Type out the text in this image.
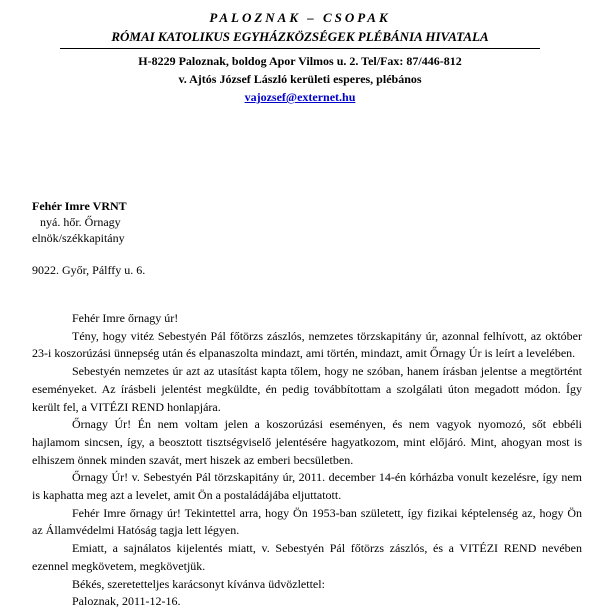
PALOZNAK – CSOPAK
RÓMAI KATOLIKUS EGYHÁZKÖZSÉGEK PLÉBÁNIA HIVATALA
H-8229 Paloznak, boldog Apor Vilmos u. 2. Tel/Fax: 87/446-812
v. Ajtós József László kerületi esperes, plébános
vajozsef@externet.hu
Fehér Imre VRNT
nyá. hőr. Őrnagy
elnök/székkapitány
9022. Győr, Pálffy u. 6.

Fehér Imre őrnagy úr!

Tény, hogy vitéz Sebestyén Pál főtörzs zászlós, nemzetes törzskapitány úr, azonnal felhívott, az október 23-i koszorúzási ünnepség után és elpanaszolta mindazt, ami történ, mindazt, amit Őrnagy Úr is leírt a levelében.

Sebestyén nemzetes úr azt az utasítást kapta tőlem, hogy ne szóban, hanem írásban jelentse a megtörtént eseményeket. Az írásbeli jelentést megküldte, én pedig továbbítottam a szolgálati úton megadott módon. Így került fel, a VITÉZI REND honlapjára.

Őrnagy Úr! Én nem voltam jelen a koszorúzási eseményen, és nem vagyok nyomozó, sőt ebbéli hajlamom sincsen, így, a beosztott tisztségviselő jelentésére hagyatkozom, mint előjáró. Mint, ahogyan most is elhiszem önnek minden szavát, mert hiszek az emberi becsületben.

Őrnagy Úr! v. Sebestyén Pál törzskapitány úr, 2011. december 14-én kórházba vonult kezelésre, így nem is kaphatta meg azt a levelet, amit Ön a postaládájába eljuttatott.

Fehér Imre őrnagy úr! Tekintettel arra, hogy Ön 1953-ban született, így fizikai képtelenség az, hogy Ön az Államvédelmi Hatóság tagja lett légyen.

Emiatt, a sajnálatos kijelentés miatt, v. Sebestyén Pál főtörzs zászlós, és a VITÉZI REND nevében ezennel megkövetem, megkövetjük.

Békés, szeretetteljes karácsonyt kívánva üdvözlettel:

Paloznak, 2011-12-16.
